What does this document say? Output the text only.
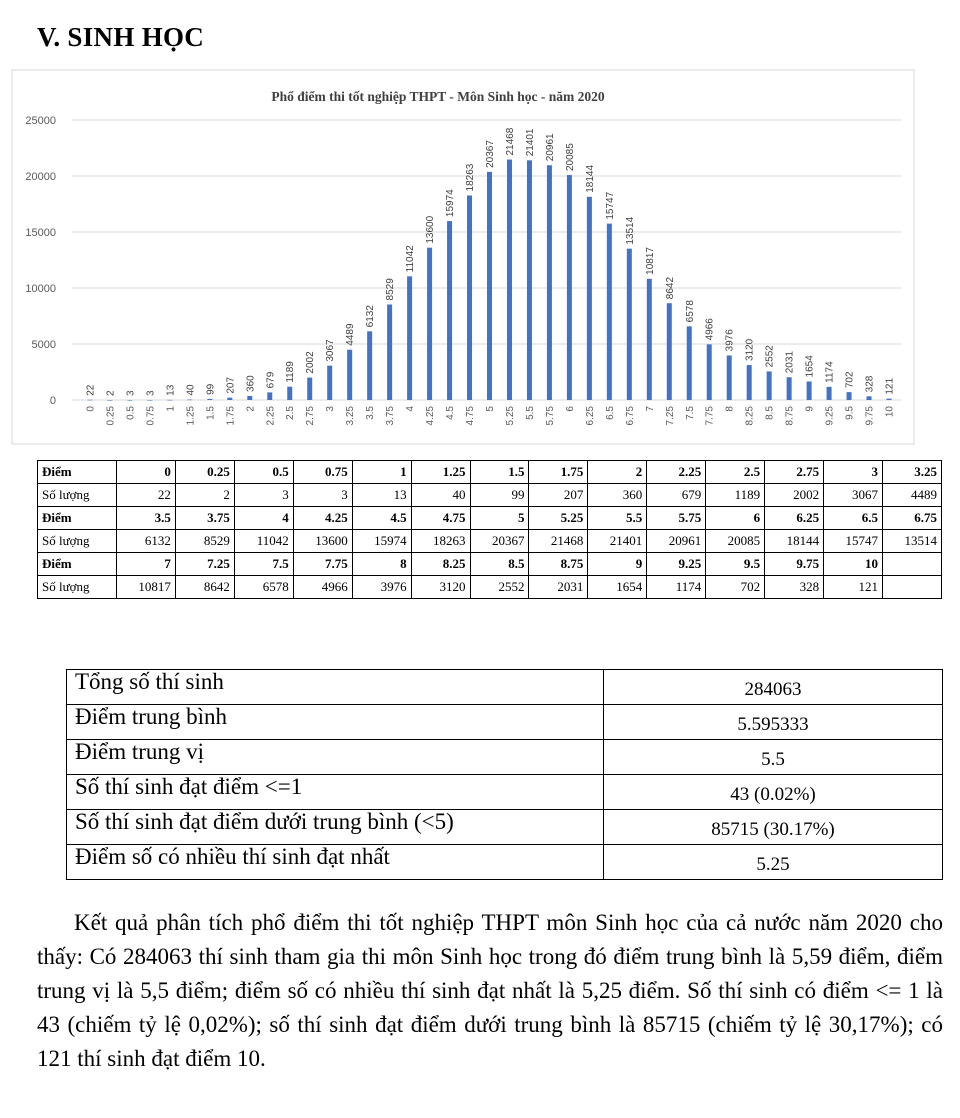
V. SINH HỌC
Phổ điểm thi tốt nghiệp THPT - Môn Sinh học - năm 2020
0
5000
10000
15000
20000
25000
22 2 3 3 13 40 99 207 360 679 1189 2002
3067
4489
6132
8529
11042
13600
15974
18263
20367 21468 21401 20961 20085
18144
15747
13514
10817
8642
6578
4966 3976 3120 2552 2031 1654 1174 702 328 121
0 0.25 0.5 0.75 1 1.25 1.5 1.75 2 2.25 2.5 2.75 3 3.25 3.5 3.75 4 4.25 4.5 4.75 5 5.25 5.5 5.75 6 6.25 6.5 6.75 7 7.25 7.5 7.75 8 8.25 8.5 8.75 9 9.25 9.5 9.75 10
Điểm	0	0.25	0.5	0.75	1	1.25	1.5	1.75	2	2.25	2.5	2.75	3	3.25
Số lượng	22	2	3	3	13	40	99	207	360	679	1189	2002	3067	4489
Điểm	3.5	3.75	4	4.25	4.5	4.75	5	5.25	5.5	5.75	6	6.25	6.5	6.75
Số lượng	6132	8529	11042	13600	15974	18263	20367	21468	21401	20961	20085	18144	15747	13514
Điểm	7	7.25	7.5	7.75	8	8.25	8.5	8.75	9	9.25	9.5	9.75	10	
Số lượng	10817	8642	6578	4966	3976	3120	2552	2031	1654	1174	702	328	121	
Tổng số thí sinh	284063
Điểm trung bình	5.595333
Điểm trung vị	5.5
Số thí sinh đạt điểm <=1	43 (0.02%)
Số thí sinh đạt điểm dưới trung bình (<5)	85715 (30.17%)
Điểm số có nhiều thí sinh đạt nhất	5.25
Kết quả phân tích phổ điểm thi tốt nghiệp THPT môn Sinh học của cả nước năm 2020 cho thấy: Có 284063 thí sinh tham gia thi môn Sinh học trong đó điểm trung bình là 5,59 điểm, điểm trung vị là 5,5 điểm; điểm số có nhiều thí sinh đạt nhất là 5,25 điểm. Số thí sinh có điểm <= 1 là 43 (chiếm tỷ lệ 0,02%); số thí sinh đạt điểm dưới trung bình là 85715 (chiếm tỷ lệ 30,17%); có 121 thí sinh đạt điểm 10.
